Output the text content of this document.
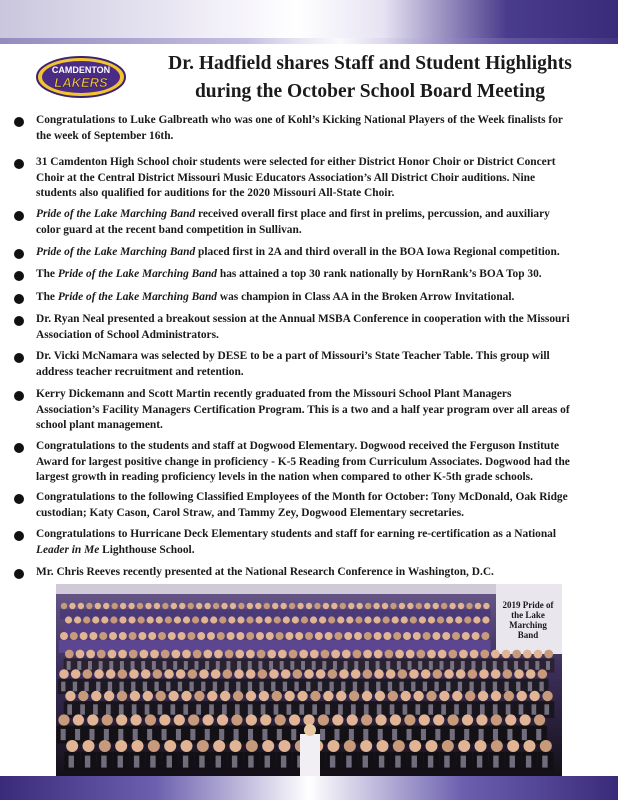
CAMDENTON
LAKERS
Dr. Hadfield shares Staff and Student Highlights
during the October School Board Meeting
Congratulations to Luke Galbreath who was one of Kohl’s Kicking National Players of the Week finalists for the week of September 16th.
31 Camdenton High School choir students were selected for either District Honor Choir or District Concert Choir at the Central District Missouri Music Educators Association’s All District Choir auditions. Nine students also qualified for auditions for the 2020 Missouri All-State Choir.
Pride of the Lake Marching Band received overall first place and first in prelims, percussion, and auxiliary color guard at the recent band competition in Sullivan.
Pride of the Lake Marching Band placed first in 2A and third overall in the BOA Iowa Regional competition.
The Pride of the Lake Marching Band has attained a top 30 rank nationally by HornRank’s BOA Top 30.
The Pride of the Lake Marching Band was champion in Class AA in the Broken Arrow Invitational.
Dr. Ryan Neal presented a breakout session at the Annual MSBA Conference in cooperation with the Missouri Association of School Administrators.
Dr. Vicki McNamara was selected by DESE to be a part of Missouri’s State Teacher Table. This group will address teacher recruitment and retention.
Kerry Dickemann and Scott Martin recently graduated from the Missouri School Plant Managers Association’s Facility Managers Certification Program. This is a two and a half year program over all areas of school plant management.
Congratulations to the students and staff at Dogwood Elementary. Dogwood received the Ferguson Institute Award for largest positive change in proficiency - K-5 Reading from Curriculum Associates. Dogwood had the largest growth in reading proficiency levels in the nation when compared to other K-5th grade schools.
Congratulations to the following Classified Employees of the Month for October: Tony McDonald, Oak Ridge custodian; Katy Cason, Carol Straw, and Tammy Zey, Dogwood Elementary secretaries.
Congratulations to Hurricane Deck Elementary students and staff for earning re-certification as a National Leader in Me Lighthouse School.
Mr. Chris Reeves recently presented at the National Research Conference in Washington, D.C.
2019 Pride of the Lake Marching Band
